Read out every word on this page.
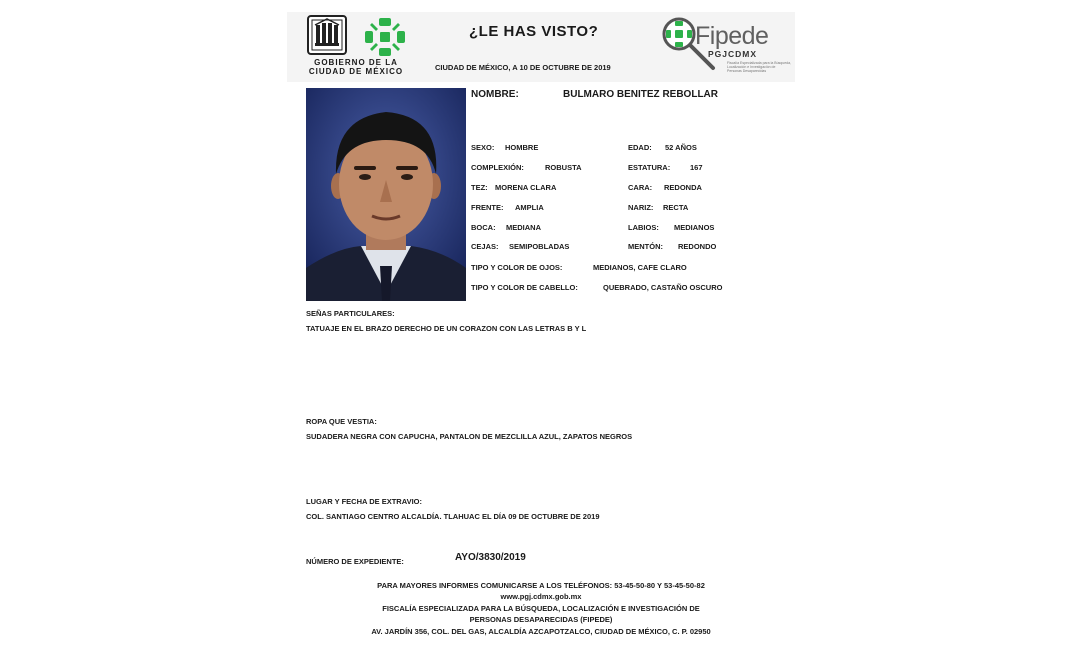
GOBIERNO DE LA
CIUDAD DE MÉXICO
¿LE HAS VISTO?
CIUDAD DE MÉXICO, A 10 DE OCTUBRE DE 2019
Fipede
PGJCDMX
Fiscalía Especializada para la Búsqueda,
Localización e Investigación de
Personas Desaparecidas
NOMBRE:	BULMARO BENITEZ REBOLLAR
SEXO: HOMBRE	EDAD: 52 AÑOS
COMPLEXIÓN:	ROBUSTA	ESTATURA:	167
TEZ: MORENA CLARA	CARA: REDONDA
FRENTE: AMPLIA	NARIZ: RECTA
BOCA: MEDIANA	LABIOS: MEDIANOS
CEJAS: SEMIPOBLADAS	MENTÓN: REDONDO
TIPO Y COLOR DE OJOS:	MEDIANOS, CAFE CLARO
TIPO Y COLOR DE CABELLO:	QUEBRADO, CASTAÑO OSCURO
SEÑAS PARTICULARES:
TATUAJE EN EL BRAZO DERECHO DE UN CORAZON CON LAS LETRAS B Y L
ROPA QUE VESTIA:
SUDADERA NEGRA CON CAPUCHA, PANTALON DE MEZCLILLA AZUL, ZAPATOS NEGROS
LUGAR Y FECHA DE EXTRAVIO:
COL. SANTIAGO CENTRO ALCALDÍA. TLAHUAC EL DÍA 09 DE OCTUBRE DE 2019
NÚMERO DE EXPEDIENTE:	AYO/3830/2019
PARA MAYORES INFORMES COMUNICARSE A LOS TELÉFONOS: 53-45-50-80 Y 53-45-50-82
www.pgj.cdmx.gob.mx
FISCALÍA ESPECIALIZADA PARA LA BÚSQUEDA, LOCALIZACIÓN E INVESTIGACIÓN DE
PERSONAS DESAPARECIDAS (FIPEDE)
AV. JARDÍN 356, COL. DEL GAS, ALCALDÍA AZCAPOTZALCO, CIUDAD DE MÉXICO, C. P. 02950
